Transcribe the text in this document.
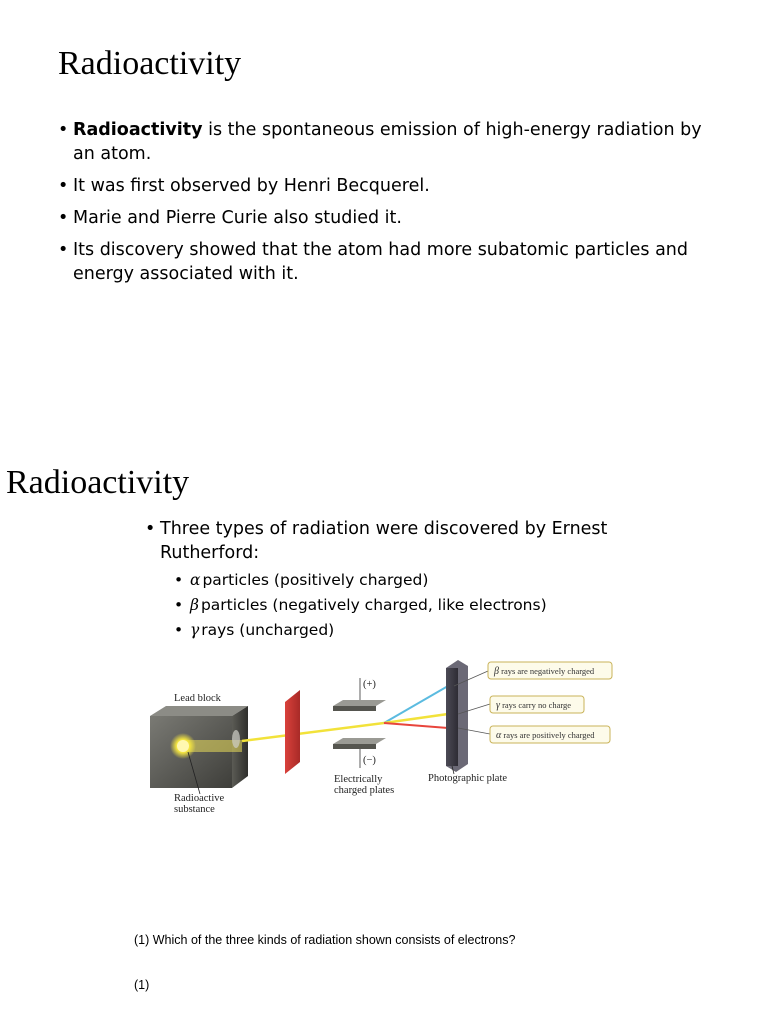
Radioactivity
• Radioactivity is the spontaneous emission of high-energy radiation by an atom.
• It was first observed by Henri Becquerel.
• Marie and Pierre Curie also studied it.
• Its discovery showed that the atom had more subatomic particles and energy associated with it.
Radioactivity
• Three types of radiation were discovered by Ernest Rutherford:
• α particles (positively charged)
• β particles (negatively charged, like electrons)
• γ rays (uncharged)
Lead block
Radioactive
substance
(+)
(−)
Electrically
charged plates
Photographic plate
β rays are negatively charged
γ rays carry no charge
α rays are positively charged

(1) Which of the three kinds of radiation shown consists of electrons?

(1)
